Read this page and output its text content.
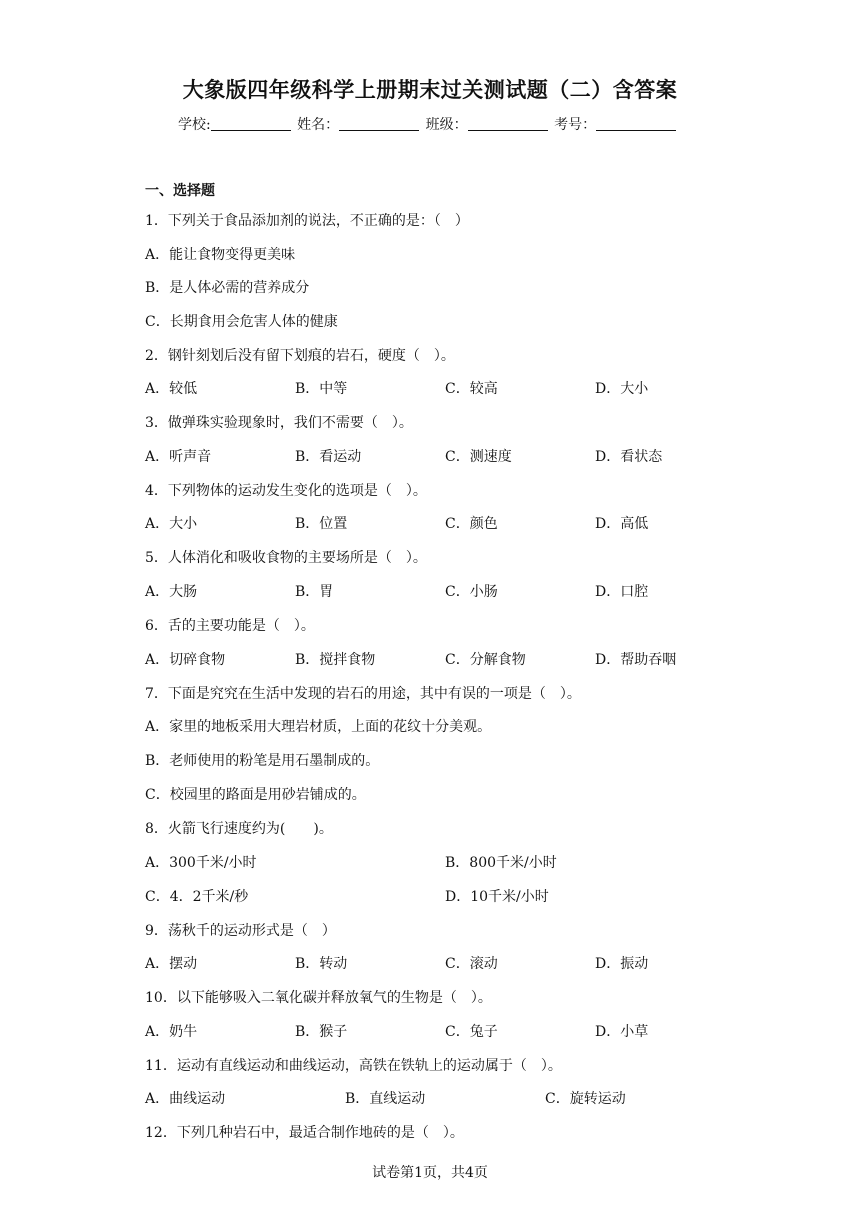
大象版四年级科学上册期末过关测试题（二）含答案
学校:	姓名：	班级：	考号：
一、选择题
1．下列关于食品添加剂的说法，不正确的是：（　）
A．能让食物变得更美味
B．是人体必需的营养成分
C．长期食用会危害人体的健康
2．钢针刻划后没有留下划痕的岩石，硬度（　）。
A．较低	B．中等	C．较高	D．大小
3．做弹珠实验现象时，我们不需要（　）。
A．听声音	B．看运动	C．测速度	D．看状态
4．下列物体的运动发生变化的选项是（　）。
A．大小	B．位置	C．颜色	D．高低
5．人体消化和吸收食物的主要场所是（　）。
A．大肠	B．胃	C．小肠	D．口腔
6．舌的主要功能是（　）。
A．切碎食物	B．搅拌食物	C．分解食物	D．帮助吞咽
7．下面是究究在生活中发现的岩石的用途，其中有误的一项是（　）。
A．家里的地板采用大理岩材质，上面的花纹十分美观。
B．老师使用的粉笔是用石墨制成的。
C．校园里的路面是用砂岩铺成的。
8．火箭飞行速度约为(　　)。
A．300千米/小时	B．800千米/小时
C．4．2千米/秒	D．10千米/小时
9．荡秋千的运动形式是（　）
A．摆动	B．转动	C．滚动	D．振动
10．以下能够吸入二氧化碳并释放氧气的生物是（　）。
A．奶牛	B．猴子	C．兔子	D．小草
11．运动有直线运动和曲线运动，高铁在铁轨上的运动属于（　）。
A．曲线运动	B．直线运动	C．旋转运动
12．下列几种岩石中，最适合制作地砖的是（　）。
试卷第1页，共4页
